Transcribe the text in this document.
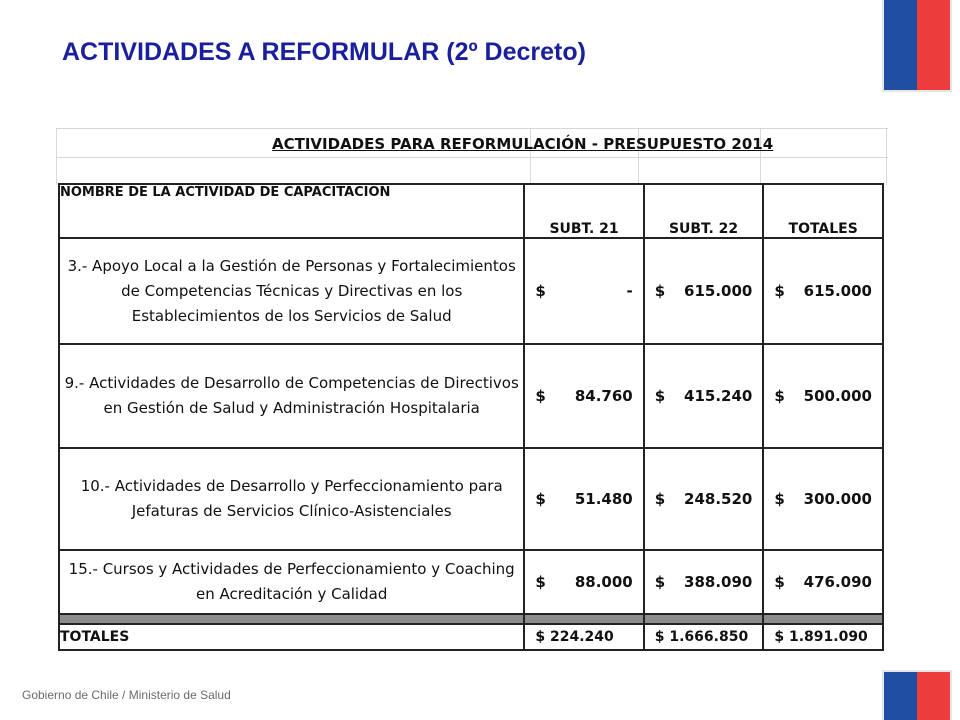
ACTIVIDADES A REFORMULAR (2º Decreto)
ACTIVIDADES PARA REFORMULACIÓN - PRESUPUESTO 2014
NOMBRE DE LA ACTIVIDAD DE CAPACITACION	SUBT. 21	SUBT. 22	TOTALES
3.- Apoyo Local a la Gestión de Personas y Fortalecimientos de Competencias Técnicas y Directivas en los Establecimientos de los Servicios de Salud	$ -	$ 615.000	$ 615.000

9.- Actividades de Desarrollo de Competencias de Directivos en Gestión de Salud y Administración Hospitalaria	$ 84.760	$ 415.240	$ 500.000

10.- Actividades de Desarrollo y Perfeccionamiento para Jefaturas de Servicios Clínico-Asistenciales	$ 51.480	$ 248.520	$ 300.000

15.- Cursos y Actividades de Perfeccionamiento y Coaching en Acreditación y Calidad	$ 88.000	$ 388.090	$ 476.090

TOTALES	$ 224.240	$ 1.666.850	$ 1.891.090
Gobierno de Chile / Ministerio de Salud
